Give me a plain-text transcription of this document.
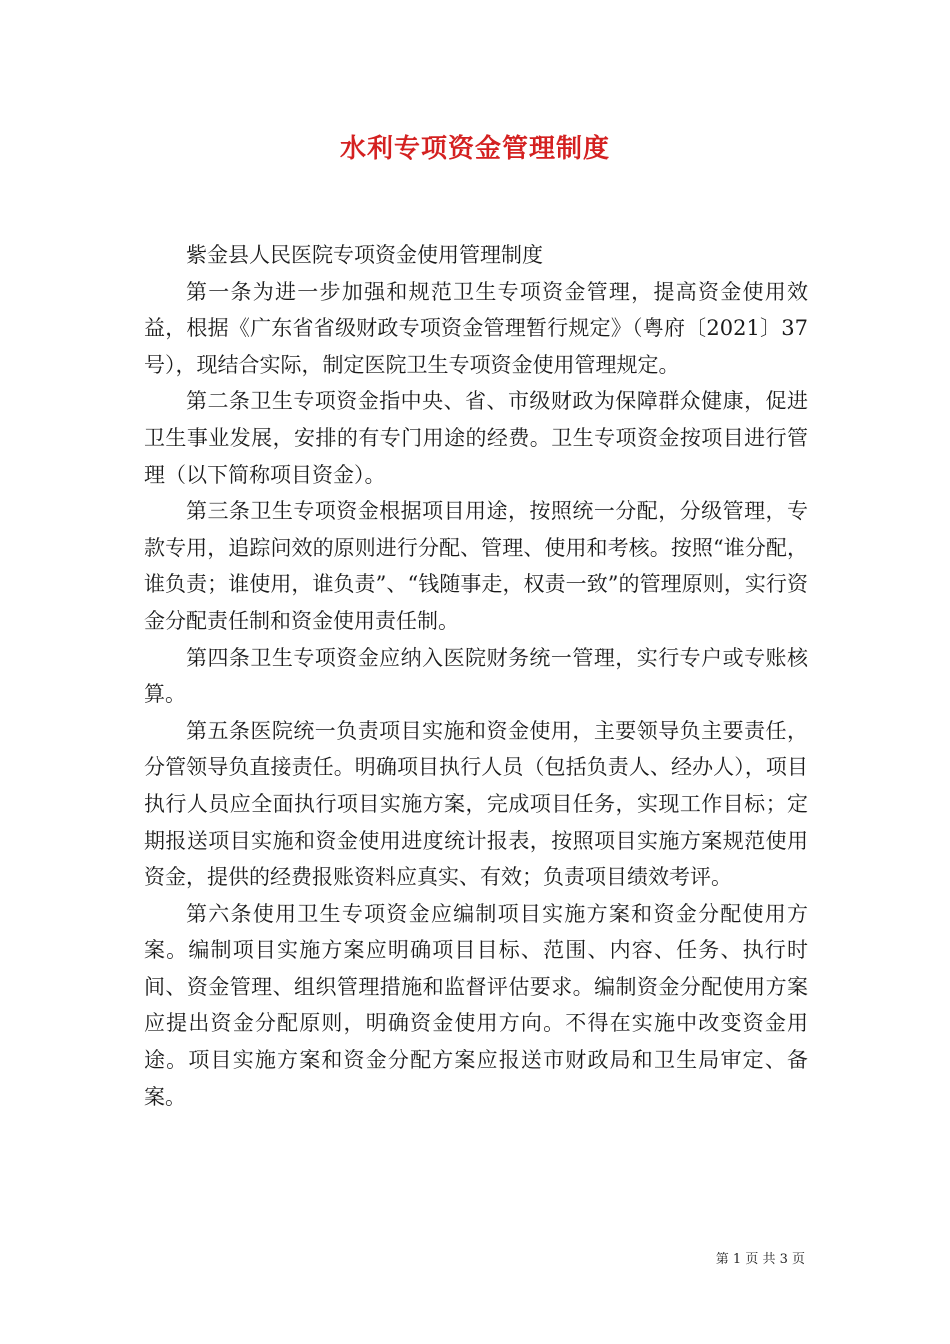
水利专项资金管理制度

紫金县人民医院专项资金使用管理制度

第一条为进一步加强和规范卫生专项资金管理，提高资金使用效益，根据《广东省省级财政专项资金管理暂行规定》（粤府〔2021〕37号），现结合实际，制定医院卫生专项资金使用管理规定。

第二条卫生专项资金指中央、省、市级财政为保障群众健康，促进卫生事业发展，安排的有专门用途的经费。卫生专项资金按项目进行管理（以下简称项目资金）。

第三条卫生专项资金根据项目用途，按照统一分配，分级管理，专款专用，追踪问效的原则进行分配、管理、使用和考核。按照“谁分配，谁负责；谁使用，谁负责”、“钱随事走，权责一致”的管理原则，实行资金分配责任制和资金使用责任制。

第四条卫生专项资金应纳入医院财务统一管理，实行专户或专账核算。

第五条医院统一负责项目实施和资金使用，主要领导负主要责任，分管领导负直接责任。明确项目执行人员（包括负责人、经办人），项目执行人员应全面执行项目实施方案，完成项目任务，实现工作目标；定期报送项目实施和资金使用进度统计报表，按照项目实施方案规范使用资金，提供的经费报账资料应真实、有效；负责项目绩效考评。

第六条使用卫生专项资金应编制项目实施方案和资金分配使用方案。编制项目实施方案应明确项目目标、范围、内容、任务、执行时间、资金管理、组织管理措施和监督评估要求。编制资金分配使用方案应提出资金分配原则，明确资金使用方向。不得在实施中改变资金用途。项目实施方案和资金分配方案应报送市财政局和卫生局审定、备案。

第 1 页 共 3 页
